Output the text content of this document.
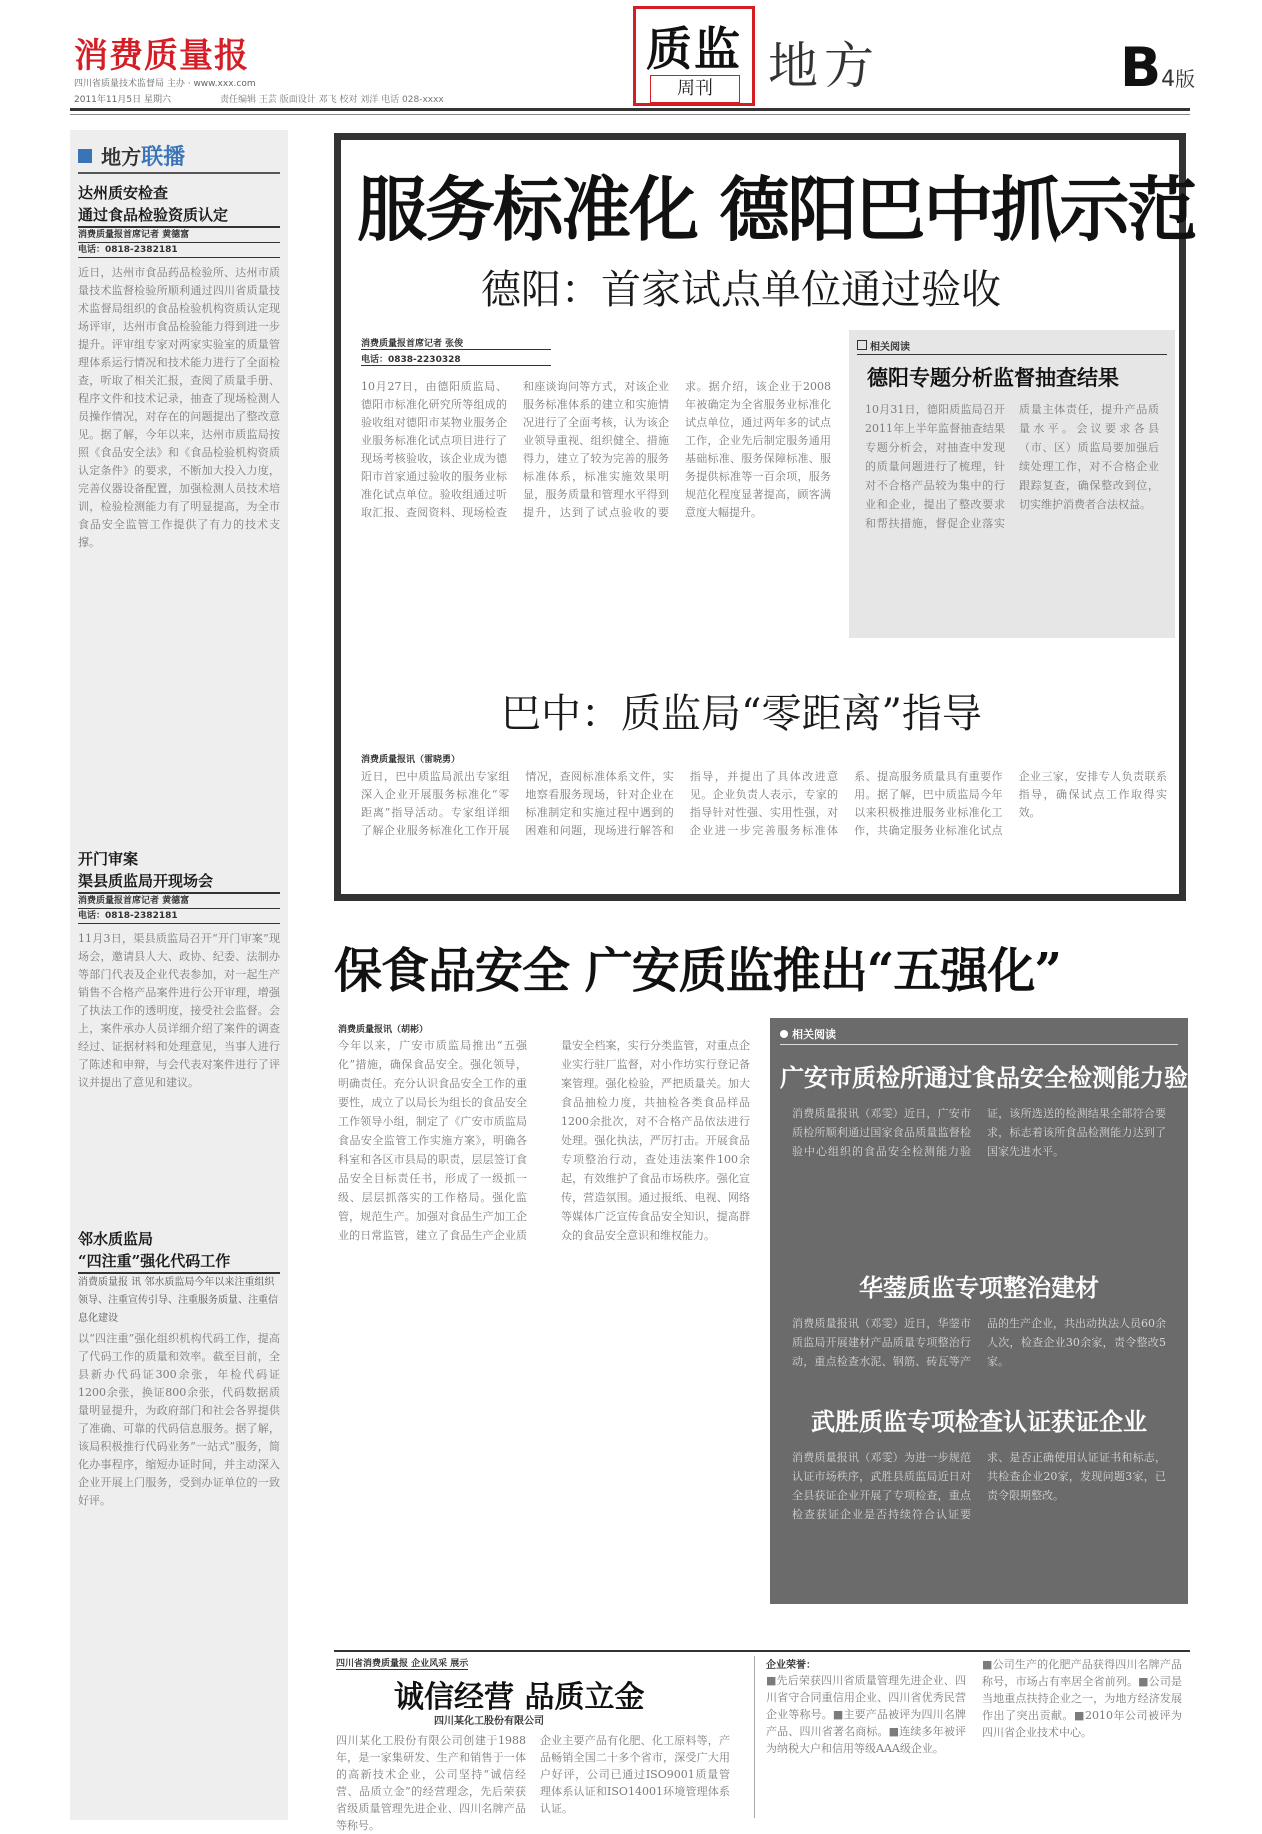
消费质量报
四川省质量技术监督局 主办 · www.xxx.com
2011年11月5日 星期六	责任编辑 王芸 版面设计 邓飞 校对 刘洋 电话 028-xxxx
质监
周刊	地方	B4版
地方联播
达州质安检查
通过食品检验资质认定
消费质量报首席记者 黄德富
电话：0818-2382181
近日，达州市食品药品检验所、达州市质量技术监督检验所顺利通过四川省质量技术监督局组织的食品检验机构资质认定现场评审，达州市食品检验能力得到进一步提升。评审组专家对两家实验室的质量管理体系运行情况和技术能力进行了全面检查，听取了相关汇报，查阅了质量手册、程序文件和技术记录，抽查了现场检测人员操作情况，对存在的问题提出了整改意见。据了解，今年以来，达州市质监局按照《食品安全法》和《食品检验机构资质认定条件》的要求，不断加大投入力度，完善仪器设备配置，加强检测人员技术培训，检验检测能力有了明显提高，为全市食品安全监管工作提供了有力的技术支撑。
开门审案
渠县质监局开现场会
消费质量报首席记者 黄德富
电话：0818-2382181
11月3日，渠县质监局召开“开门审案”现场会，邀请县人大、政协、纪委、法制办等部门代表及企业代表参加，对一起生产销售不合格产品案件进行公开审理，增强了执法工作的透明度，接受社会监督。会上，案件承办人员详细介绍了案件的调查经过、证据材料和处理意见，当事人进行了陈述和申辩，与会代表对案件进行了评议并提出了意见和建议。
邻水质监局
“四注重”强化代码工作
消费质量报 讯 邻水质监局今年以来注重组织领导、注重宣传引导、注重服务质量、注重信息化建设
以“四注重”强化组织机构代码工作，提高了代码工作的质量和效率。截至目前，全县新办代码证300余张，年检代码证1200余张，换证800余张，代码数据质量明显提升，为政府部门和社会各界提供了准确、可靠的代码信息服务。据了解，该局积极推行代码业务“一站式”服务，简化办事程序，缩短办证时间，并主动深入企业开展上门服务，受到办证单位的一致好评。
服务标准化 德阳巴中抓示范
德阳：首家试点单位通过验收
消费质量报首席记者 张俊
电话：0838-2230328
10月27日，由德阳质监局、德阳市标准化研究所等组成的验收组对德阳市某物业服务企业服务标准化试点项目进行了现场考核验收，该企业成为德阳市首家通过验收的服务业标准化试点单位。验收组通过听取汇报、查阅资料、现场检查和座谈询问等方式，对该企业服务标准体系的建立和实施情况进行了全面考核，认为该企业领导重视、组织健全、措施得力，建立了较为完善的服务标准体系，标准实施效果明显，服务质量和管理水平得到提升，达到了试点验收的要求。据介绍，该企业于2008年被确定为全省服务业标准化试点单位，通过两年多的试点工作，企业先后制定服务通用基础标准、服务保障标准、服务提供标准等一百余项，服务规范化程度显著提高，顾客满意度大幅提升。
相关阅读
德阳专题分析监督抽查结果
10月31日，德阳质监局召开2011年上半年监督抽查结果专题分析会，对抽查中发现的质量问题进行了梳理，针对不合格产品较为集中的行业和企业，提出了整改要求和帮扶措施，督促企业落实质量主体责任，提升产品质量水平。会议要求各县（市、区）质监局要加强后续处理工作，对不合格企业跟踪复查，确保整改到位，切实维护消费者合法权益。
巴中：质监局“零距离”指导
消费质量报讯（雷晓勇）
近日，巴中质监局派出专家组深入企业开展服务标准化“零距离”指导活动。专家组详细了解企业服务标准化工作开展情况，查阅标准体系文件，实地察看服务现场，针对企业在标准制定和实施过程中遇到的困难和问题，现场进行解答和指导，并提出了具体改进意见。企业负责人表示，专家的指导针对性强、实用性强，对企业进一步完善服务标准体系、提高服务质量具有重要作用。据了解，巴中质监局今年以来积极推进服务业标准化工作，共确定服务业标准化试点企业三家，安排专人负责联系指导，确保试点工作取得实效。
保食品安全 广安质监推出“五强化”
消费质量报讯（胡彬）
今年以来，广安市质监局推出“五强化”措施，确保食品安全。强化领导，明确责任。充分认识食品安全工作的重要性，成立了以局长为组长的食品安全工作领导小组，制定了《广安市质监局食品安全监管工作实施方案》，明确各科室和各区市县局的职责，层层签订食品安全目标责任书，形成了一级抓一级、层层抓落实的工作格局。强化监管，规范生产。加强对食品生产加工企业的日常监管，建立了食品生产企业质量安全档案，实行分类监管，对重点企业实行驻厂监督，对小作坊实行登记备案管理。强化检验，严把质量关。加大食品抽检力度，共抽检各类食品样品1200余批次，对不合格产品依法进行处理。强化执法，严厉打击。开展食品专项整治行动，查处违法案件100余起，有效维护了食品市场秩序。强化宣传，营造氛围。通过报纸、电视、网络等媒体广泛宣传食品安全知识，提高群众的食品安全意识和维权能力。
相关阅读
广安市质检所通过食品安全检测能力验证
消费质量报讯（邓雯）近日，广安市质检所顺利通过国家食品质量监督检验中心组织的食品安全检测能力验证，该所选送的检测结果全部符合要求，标志着该所食品检测能力达到了国家先进水平。
华蓥质监专项整治建材
消费质量报讯（邓雯）近日，华蓥市质监局开展建材产品质量专项整治行动，重点检查水泥、钢筋、砖瓦等产品的生产企业，共出动执法人员60余人次，检查企业30余家，责令整改5家。
武胜质监专项检查认证获证企业
消费质量报讯（邓雯）为进一步规范认证市场秩序，武胜县质监局近日对全县获证企业开展了专项检查，重点检查获证企业是否持续符合认证要求、是否正确使用认证证书和标志，共检查企业20家，发现问题3家，已责令限期整改。
四川省消费质量报 企业风采 展示
诚信经营 品质立金
四川某化工股份有限公司
四川某化工股份有限公司创建于1988年，是一家集研发、生产和销售于一体的高新技术企业，公司坚持“诚信经营、品质立金”的经营理念，先后荣获省级质量管理先进企业、四川名牌产品等称号。
企业主要产品有化肥、化工原料等，产品畅销全国二十多个省市，深受广大用户好评，公司已通过ISO9001质量管理体系认证和ISO14001环境管理体系认证。
企业荣誉：
■先后荣获四川省质量管理先进企业、四川省守合同重信用企业、四川省优秀民营企业等称号。■主要产品被评为四川名牌产品、四川省著名商标。■连续多年被评为纳税大户和信用等级AAA级企业。
■公司生产的化肥产品获得四川名牌产品称号，市场占有率居全省前列。■公司是当地重点扶持企业之一，为地方经济发展作出了突出贡献。■2010年公司被评为四川省企业技术中心。
